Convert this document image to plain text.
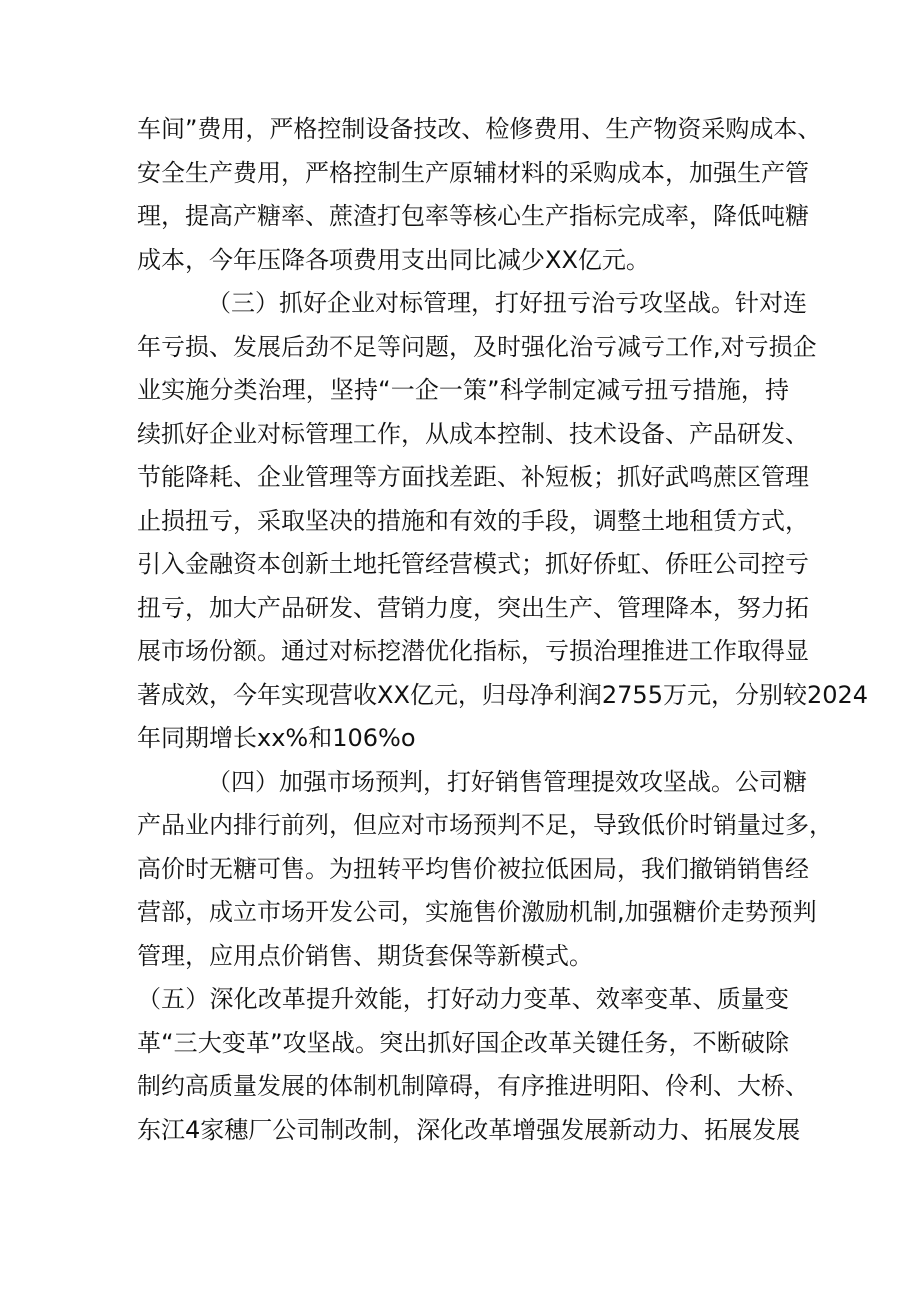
车间”费用，严格控制设备技改、检修费用、生产物资采购成本、
安全生产费用，严格控制生产原辅材料的采购成本，加强生产管
理，提高产糖率、蔗渣打包率等核心生产指标完成率，降低吨糖
成本，今年压降各项费用支出同比减少XX亿元。
（三）抓好企业对标管理，打好扭亏治亏攻坚战。针对连
年亏损、发展后劲不足等问题，及时强化治亏减亏工作,对亏损企
业实施分类治理，坚持“一企一策”科学制定减亏扭亏措施，持
续抓好企业对标管理工作，从成本控制、技术设备、产品研发、
节能降耗、企业管理等方面找差距、补短板；抓好武鸣蔗区管理
止损扭亏，采取坚决的措施和有效的手段，调整土地租赁方式，
引入金融资本创新土地托管经营模式；抓好侨虹、侨旺公司控亏
扭亏，加大产品研发、营销力度，突出生产、管理降本，努力拓
展市场份额。通过对标挖潜优化指标，亏损治理推进工作取得显
著成效，今年实现营收XX亿元，归母净利润2755万元，分别较2024
年同期增长xx%和106%o
（四）加强市场预判，打好销售管理提效攻坚战。公司糖
产品业内排行前列，但应对市场预判不足，导致低价时销量过多，
高价时无糖可售。为扭转平均售价被拉低困局，我们撤销销售经
营部，成立市场开发公司，实施售价激励机制,加强糖价走势预判
管理，应用点价销售、期货套保等新模式。
（五）深化改革提升效能，打好动力变革、效率变革、质量变
革“三大变革”攻坚战。突出抓好国企改革关键任务，不断破除
制约高质量发展的体制机制障碍，有序推进明阳、伶利、大桥、
东江4家穗厂公司制改制，深化改革增强发展新动力、拓展发展
